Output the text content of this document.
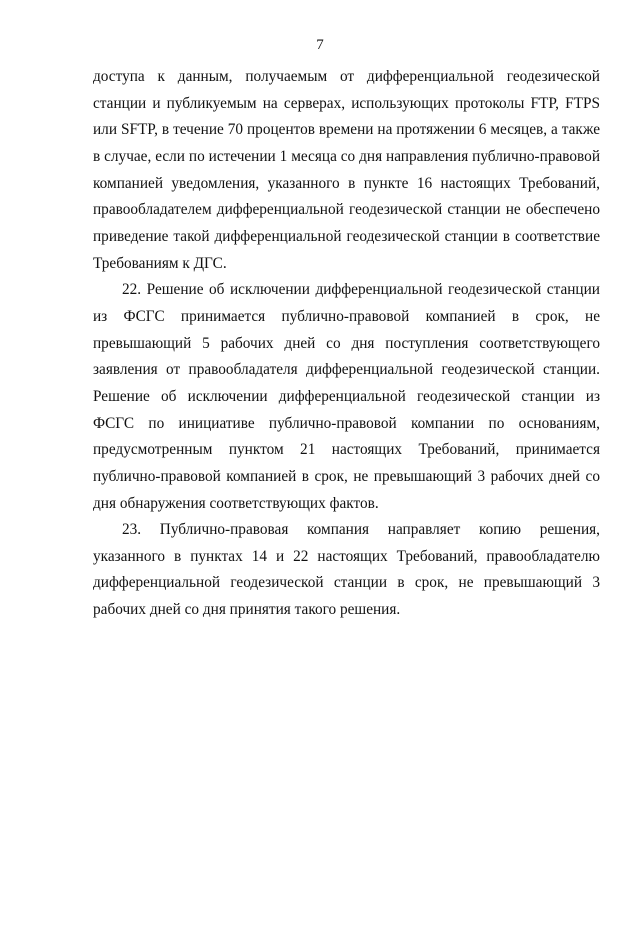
7

доступа к данным, получаемым от дифференциальной геодезической станции и публикуемым на серверах, использующих протоколы FTP, FTPS или SFTP, в течение 70 процентов времени на протяжении 6 месяцев, а также в случае, если по истечении 1 месяца со дня направления публично-правовой компанией уведомления, указанного в пункте 16 настоящих Требований, правообладателем дифференциальной геодезической станции не обеспечено приведение такой дифференциальной геодезической станции в соответствие Требованиям к ДГС.

22. Решение об исключении дифференциальной геодезической станции из ФСГС принимается публично-правовой компанией в срок, не превышающий 5 рабочих дней со дня поступления соответствующего заявления от правообладателя дифференциальной геодезической станции. Решение об исключении дифференциальной геодезической станции из ФСГС по инициативе публично-правовой компании по основаниям, предусмотренным пунктом 21 настоящих Требований, принимается публично-правовой компанией в срок, не превышающий 3 рабочих дней со дня обнаружения соответствующих фактов.

23. Публично-правовая компания направляет копию решения, указанного в пунктах 14 и 22 настоящих Требований, правообладателю дифференциальной геодезической станции в срок, не превышающий 3 рабочих дней со дня принятия такого решения.
